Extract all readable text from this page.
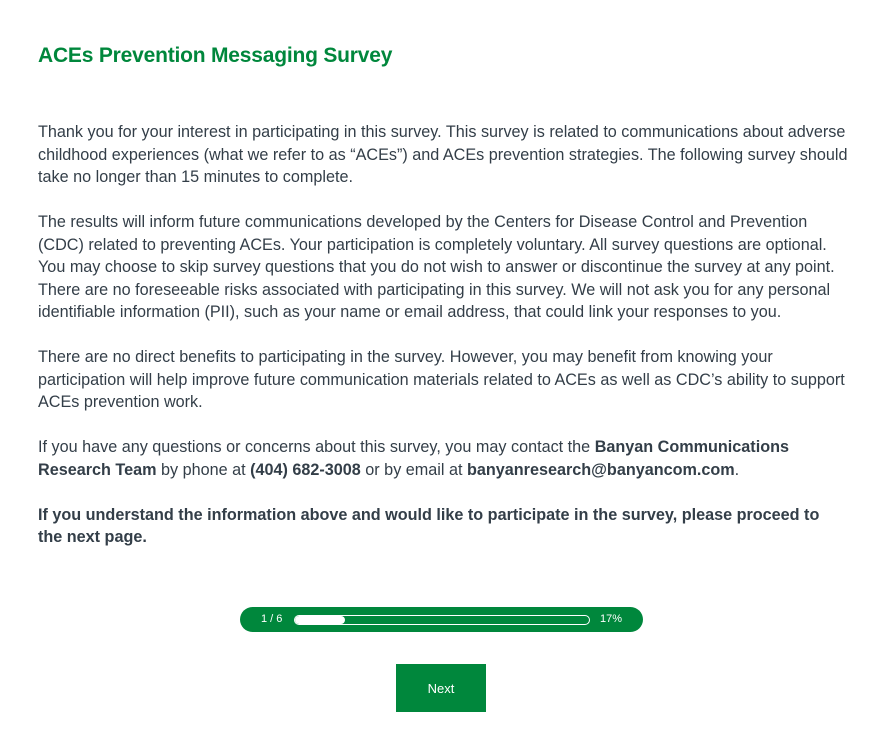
ACEs Prevention Messaging Survey

Thank you for your interest in participating in this survey. This survey is related to communications about adverse childhood experiences (what we refer to as “ACEs”) and ACEs prevention strategies. The following survey should take no longer than 15 minutes to complete.

The results will inform future communications developed by the Centers for Disease Control and Prevention (CDC) related to preventing ACEs. Your participation is completely voluntary. All survey questions are optional. You may choose to skip survey questions that you do not wish to answer or discontinue the survey at any point. There are no foreseeable risks associated with participating in this survey. We will not ask you for any personal identifiable information (PII), such as your name or email address, that could link your responses to you.

There are no direct benefits to participating in the survey. However, you may benefit from knowing your participation will help improve future communication materials related to ACEs as well as CDC’s ability to support ACEs prevention work.

If you have any questions or concerns about this survey, you may contact the Banyan Communications Research Team by phone at (404) 682-3008 or by email at banyanresearch@banyancom.com.

If you understand the information above and would like to participate in the survey, please proceed to the next page.

1 / 6	17%
Next
